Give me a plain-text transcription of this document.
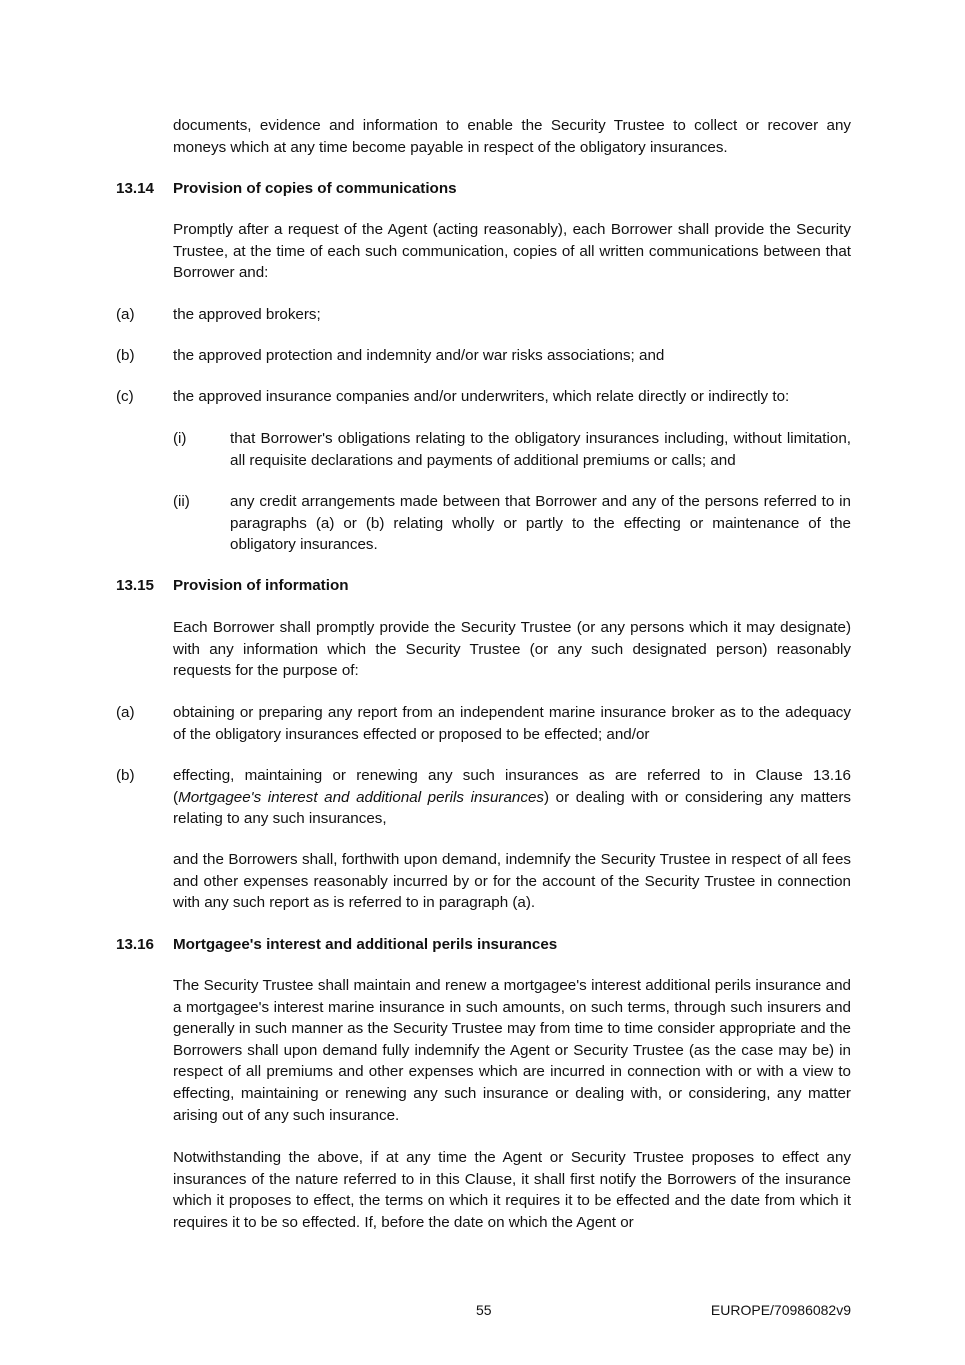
documents, evidence and information to enable the Security Trustee to collect or recover any moneys which at any time become payable in respect of the obligatory insurances.

13.14 Provision of copies of communications

Promptly after a request of the Agent (acting reasonably), each Borrower shall provide the Security Trustee, at the time of each such communication, copies of all written communications between that Borrower and:

(a)	the approved brokers;

(b)	the approved protection and indemnity and/or war risks associations; and

(c)	the approved insurance companies and/or underwriters, which relate directly or indirectly to:

(i)	that Borrower's obligations relating to the obligatory insurances including, without limitation, all requisite declarations and payments of additional premiums or calls; and

(ii)	any credit arrangements made between that Borrower and any of the persons referred to in paragraphs (a) or (b) relating wholly or partly to the effecting or maintenance of the obligatory insurances.

13.15 Provision of information

Each Borrower shall promptly provide the Security Trustee (or any persons which it may designate) with any information which the Security Trustee (or any such designated person) reasonably requests for the purpose of:

(a)	obtaining or preparing any report from an independent marine insurance broker as to the adequacy of the obligatory insurances effected or proposed to be effected; and/or

(b)	effecting, maintaining or renewing any such insurances as are referred to in Clause 13.16 (Mortgagee's interest and additional perils insurances) or dealing with or considering any matters relating to any such insurances,

and the Borrowers shall, forthwith upon demand, indemnify the Security Trustee in respect of all fees and other expenses reasonably incurred by or for the account of the Security Trustee in connection with any such report as is referred to in paragraph (a).

13.16 Mortgagee's interest and additional perils insurances

The Security Trustee shall maintain and renew a mortgagee's interest additional perils insurance and a mortgagee's interest marine insurance in such amounts, on such terms, through such insurers and generally in such manner as the Security Trustee may from time to time consider appropriate and the Borrowers shall upon demand fully indemnify the Agent or Security Trustee (as the case may be) in respect of all premiums and other expenses which are incurred in connection with or with a view to effecting, maintaining or renewing any such insurance or dealing with, or considering, any matter arising out of any such insurance.

Notwithstanding the above, if at any time the Agent or Security Trustee proposes to effect any insurances of the nature referred to in this Clause, it shall first notify the Borrowers of the insurance which it proposes to effect, the terms on which it requires it to be effected and the date from which it requires it to be so effected. If, before the date on which the Agent or

55	EUROPE/70986082v9
